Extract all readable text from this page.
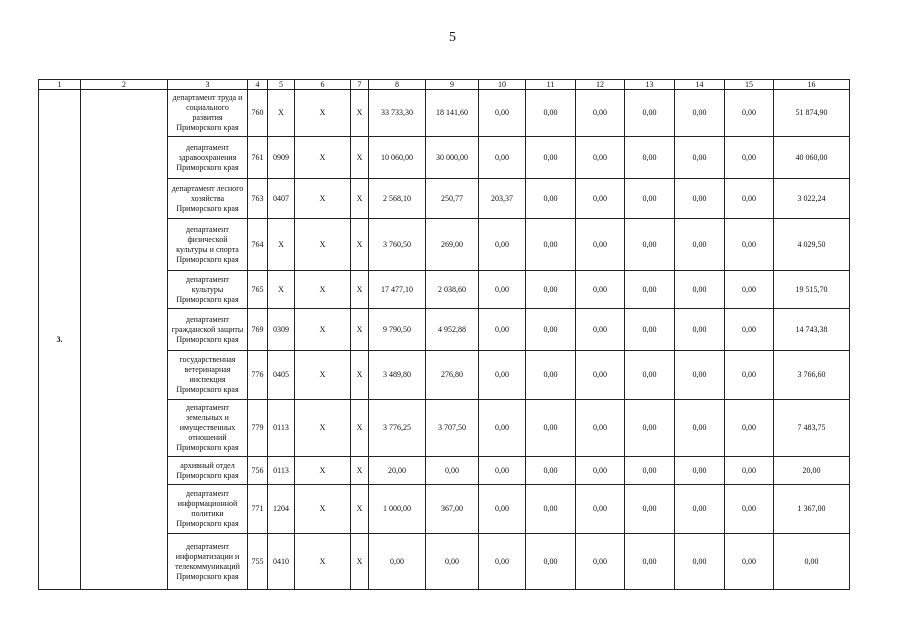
5
1	2	3	4	5	6	7	8	9	10	11	12	13	14	15	16
3.		департамент труда и
социального
развития
Приморского края	760	Х	Х	Х	33 733,30	18 141,60	0,00	0,00	0,00	0,00	0,00	0,00	51 874,90

		департамент
здравоохранения
Приморского края	761	0909	Х	Х	10 060,00	30 000,00	0,00	0,00	0,00	0,00	0,00	0,00	40 060,00

		департамент лесного
хозяйства
Приморского края	763	0407	Х	Х	2 568,10	250,77	203,37	0,00	0,00	0,00	0,00	0,00	3 022,24

		департамент
физической
культуры и спорта
Приморского края	764	Х	Х	Х	3 760,50	269,00	0,00	0,00	0,00	0,00	0,00	0,00	4 029,50

		департамент
культуры
Приморского края	765	Х	Х	Х	17 477,10	2 038,60	0,00	0,00	0,00	0,00	0,00	0,00	19 515,70

		департамент
гражданской защиты
Приморского края	769	0309	Х	Х	9 790,50	4 952,88	0,00	0,00	0,00	0,00	0,00	0,00	14 743,38

		государственная
ветеринарная
инспекция
Приморского края	776	0405	Х	Х	3 489,80	276,80	0,00	0,00	0,00	0,00	0,00	0,00	3 766,60

		департамент
земельных и
имущественных
отношений
Приморского края	779	0113	Х	Х	3 776,25	3 707,50	0,00	0,00	0,00	0,00	0,00	0,00	7 483,75

		архивный отдел
Приморского края	756	0113	Х	Х	20,00	0,00	0,00	0,00	0,00	0,00	0,00	0,00	20,00

		департамент
информационной
политики
Приморского края	771	1204	Х	Х	1 000,00	367,00	0,00	0,00	0,00	0,00	0,00	0,00	1 367,00

		департамент
информатизации и
телекоммуникаций
Приморского края	755	0410	Х	Х	0,00	0,00	0,00	0,00	0,00	0,00	0,00	0,00	0,00
